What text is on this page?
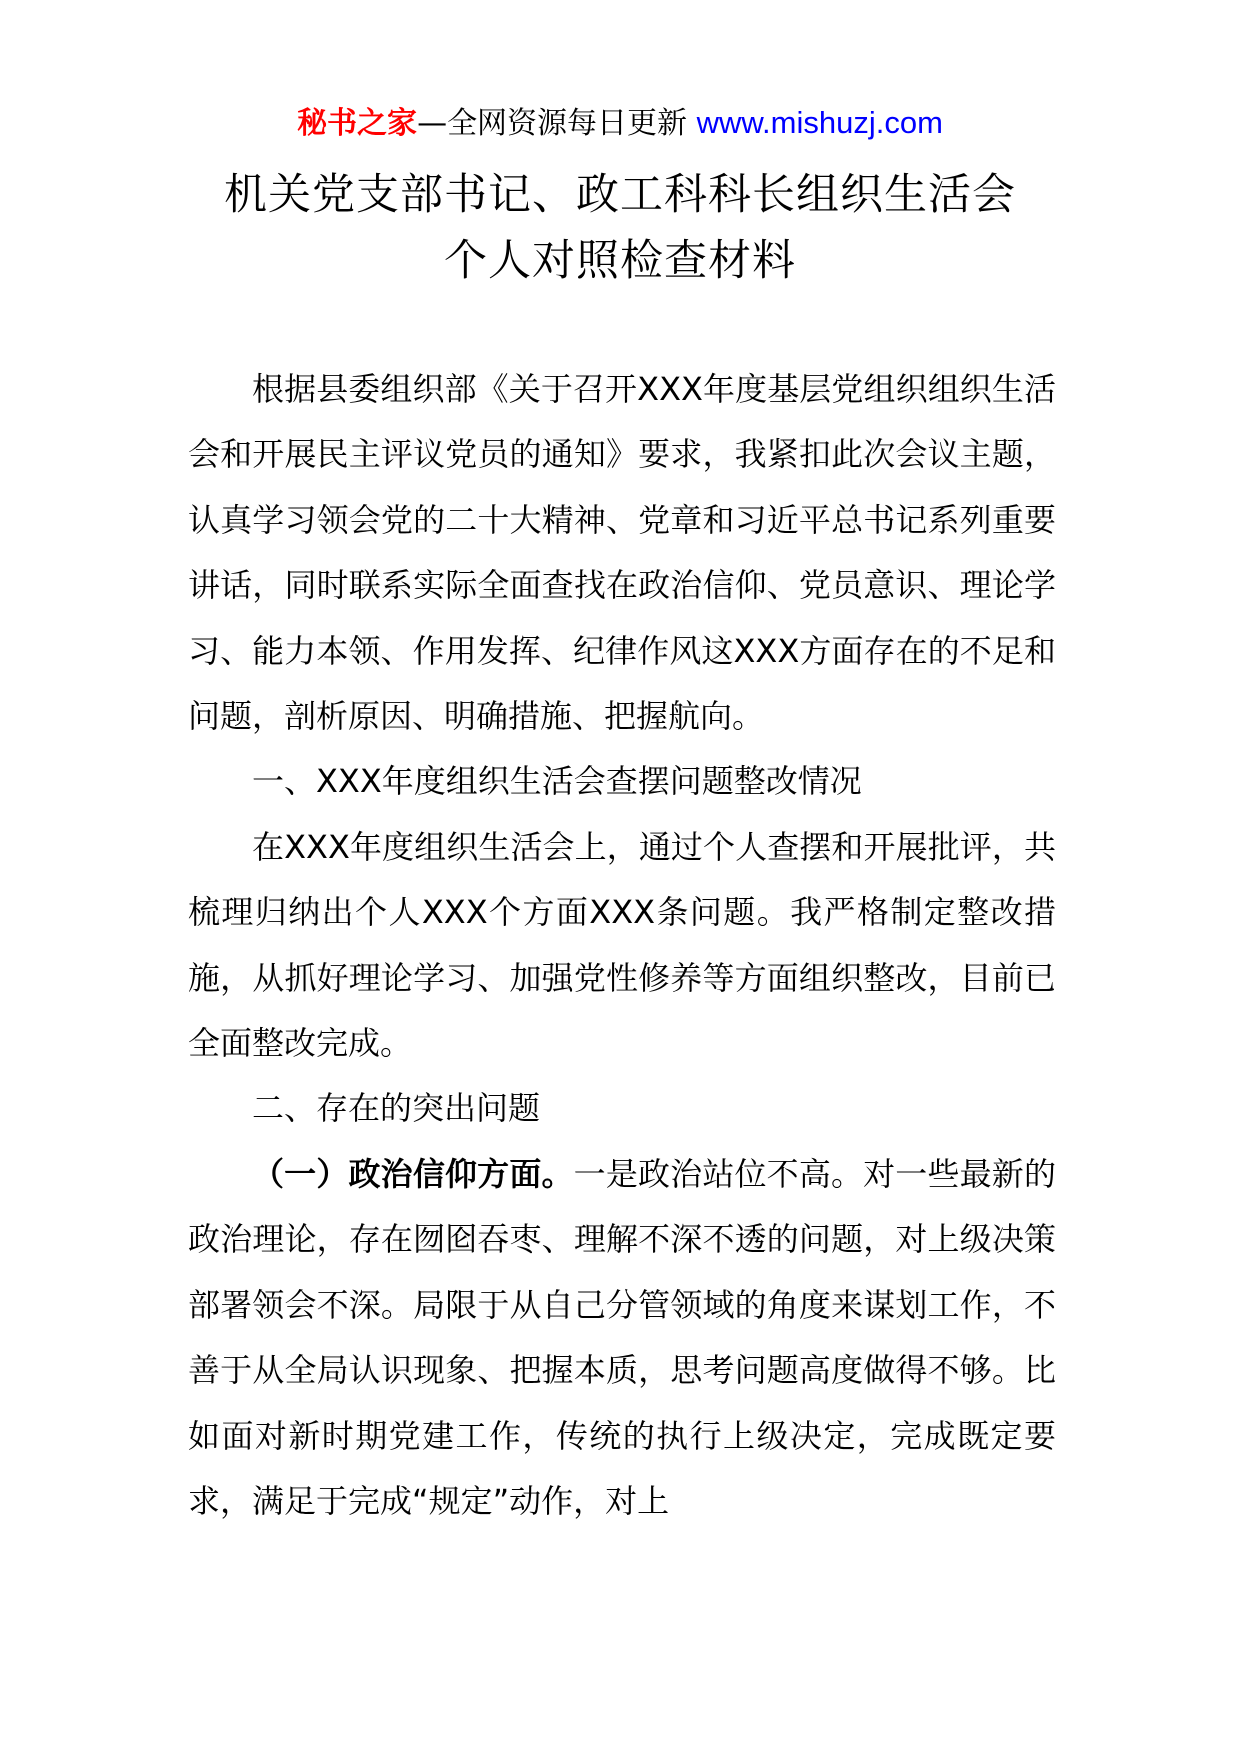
秘书之家—全网资源每日更新 www.mishuzj.com
机关党支部书记、政工科科长组织生活会
个人对照检查材料

根据县委组织部《关于召开XXX年度基层党组织组织生活会和开展民主评议党员的通知》要求，我紧扣此次会议主题，认真学习领会党的二十大精神、党章和习近平总书记系列重要讲话，同时联系实际全面查找在政治信仰、党员意识、理论学习、能力本领、作用发挥、纪律作风这XXX方面存在的不足和问题，剖析原因、明确措施、把握航向。

一、XXX年度组织生活会查摆问题整改情况

在XXX年度组织生活会上，通过个人查摆和开展批评，共梳理归纳出个人XXX个方面XXX条问题。我严格制定整改措施，从抓好理论学习、加强党性修养等方面组织整改，目前已全面整改完成。

二、存在的突出问题

（一）政治信仰方面。一是政治站位不高。对一些最新的政治理论，存在囫囵吞枣、理解不深不透的问题，对上级决策部署领会不深。局限于从自己分管领域的角度来谋划工作，不善于从全局认识现象、把握本质，思考问题高度做得不够。比如面对新时期党建工作，传统的执行上级决定，完成既定要求，满足于完成“规定”动作，对上
